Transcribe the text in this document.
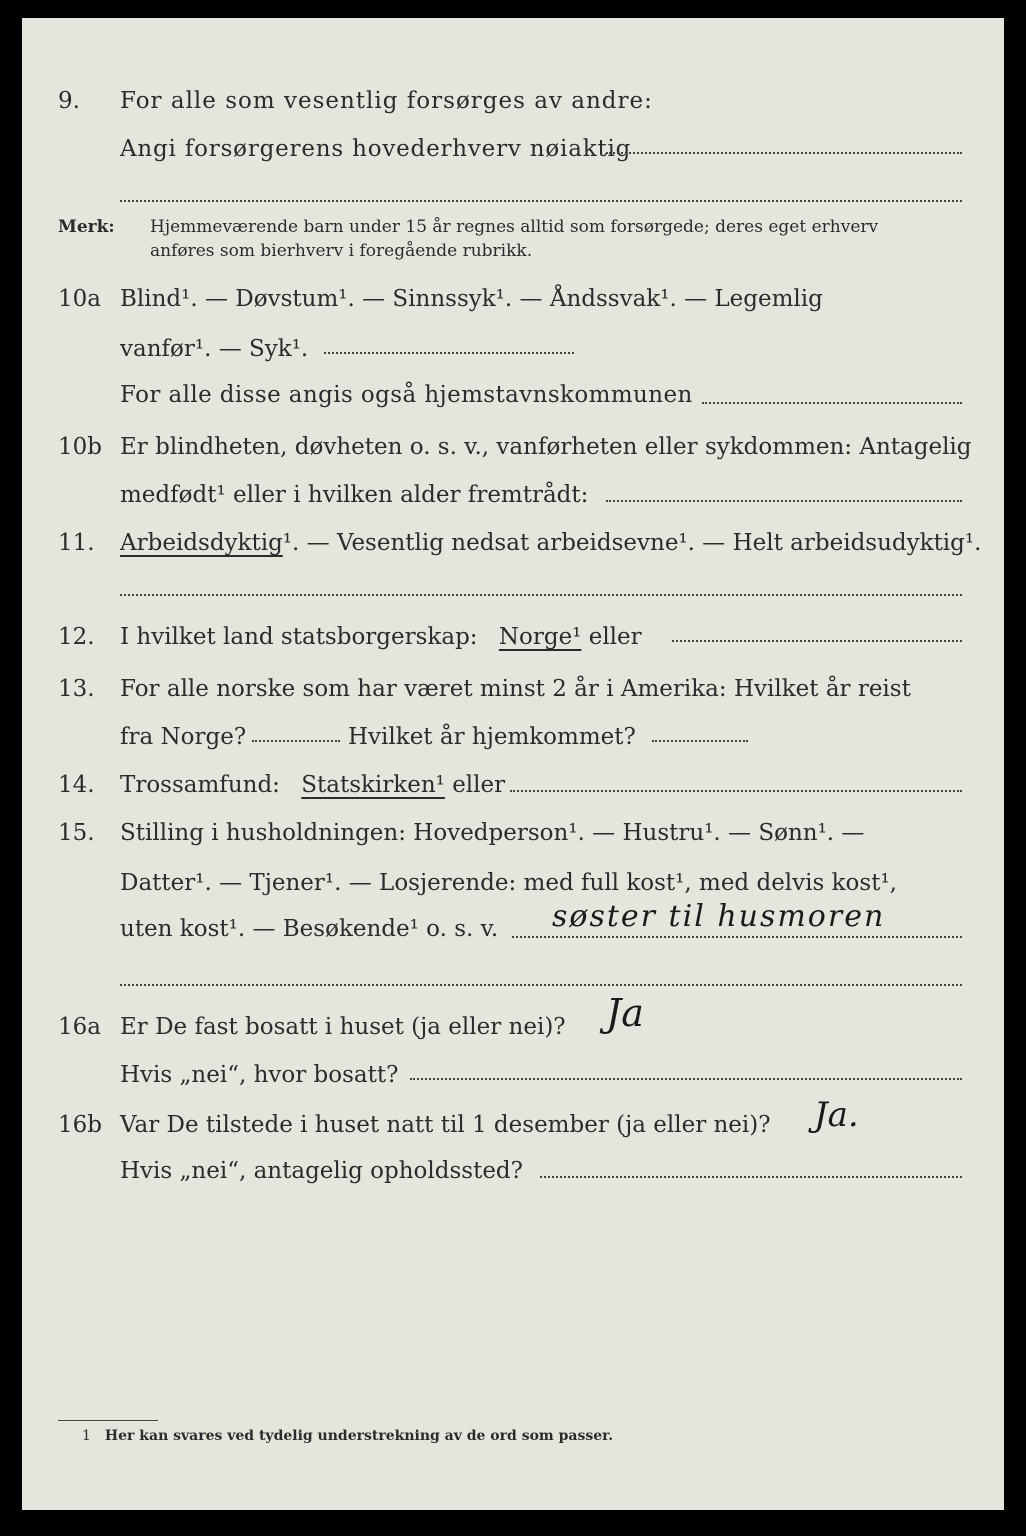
9. For alle som vesentlig forsørges av andre:
Angi forsørgerens hovederhverv nøiaktig
Merk: Hjemmeværende barn under 15 år regnes alltid som forsørgede; deres eget erhverv
anføres som bierhverv i foregående rubrikk.
10a Blind¹. — Døvstum¹. — Sinnssyk¹. — Åndssvak¹. — Legemlig
vanfør¹. — Syk¹.
For alle disse angis også hjemstavnskommunen
10b Er blindheten, døvheten o. s. v., vanførheten eller sykdommen: Antagelig
medfødt¹ eller i hvilken alder fremtrådt:
11. Arbeidsdyktig¹. — Vesentlig nedsat arbeidsevne¹. — Helt arbeidsudyktig¹.
12. I hvilket land statsborgerskap: Norge¹ eller
13. For alle norske som har været minst 2 år i Amerika: Hvilket år reist
fra Norge?	Hvilket år hjemkommet?
14. Trossamfund: Statskirken¹ eller
15. Stilling i husholdningen: Hovedperson¹. — Hustru¹. — Sønn¹. —
Datter¹. — Tjener¹. — Losjerende: med full kost¹, med delvis kost¹,
uten kost¹. — Besøkende¹ o. s. v. søster til husmoren
16a Er De fast bosatt i huset (ja eller nei)? Ja
Hvis „nei“, hvor bosatt?
16b Var De tilstede i huset natt til 1 desember (ja eller nei)? Ja.
Hvis „nei“, antagelig opholdssted?
1 Her kan svares ved tydelig understrekning av de ord som passer.
